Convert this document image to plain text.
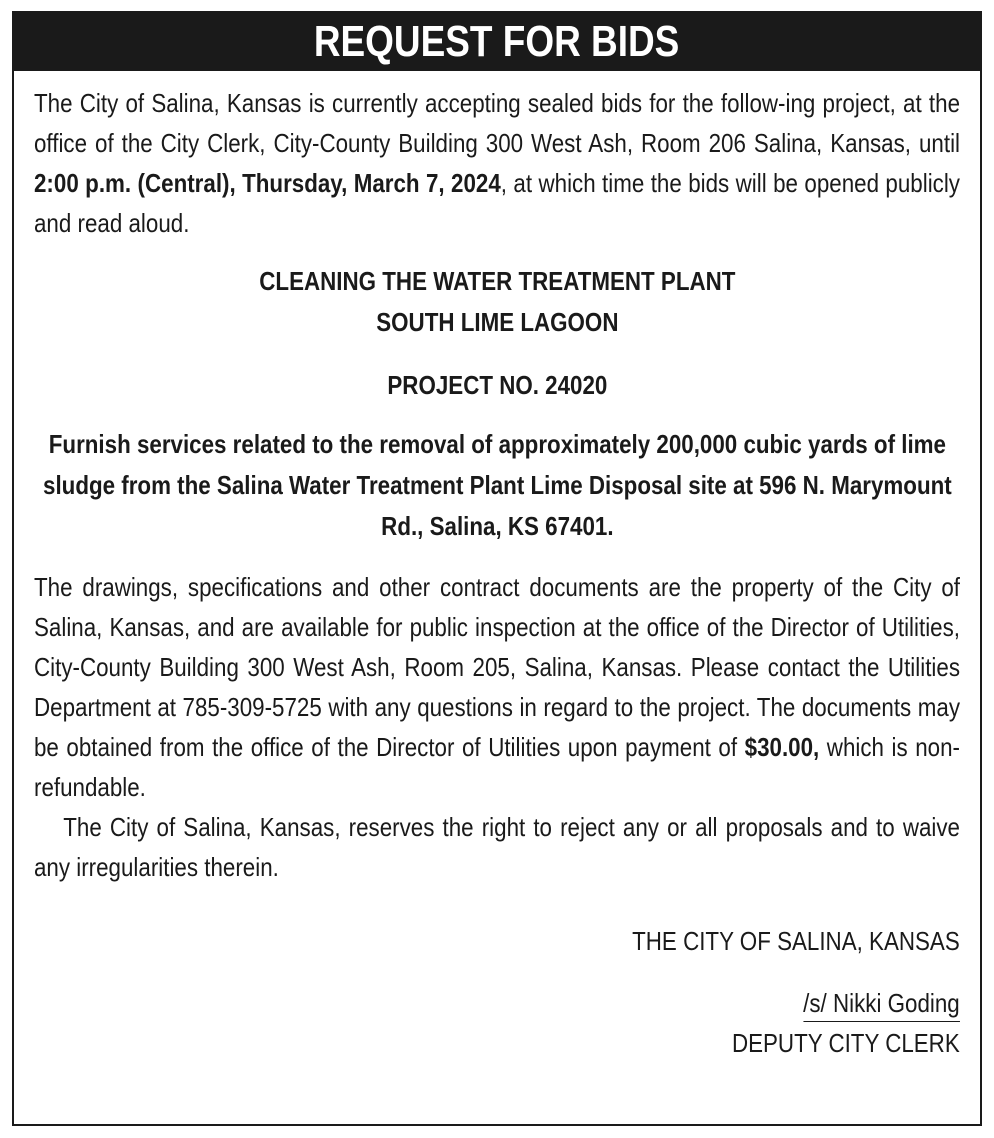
REQUEST FOR BIDS

The City of Salina, Kansas is currently accepting sealed bids for the follow-ing project, at the office of the City Clerk, City-County Building 300 West Ash, Room 206 Salina, Kansas, until 2:00 p.m. (Central), Thursday, March 7, 2024, at which time the bids will be opened publicly and read aloud.

CLEANING THE WATER TREATMENT PLANT
SOUTH LIME LAGOON
PROJECT NO. 24020
Furnish services related to the removal of approximately 200,000 cubic yards of lime sludge from the Salina Water Treatment Plant Lime Disposal site at 596 N. Marymount Rd., Salina, KS 67401.

The drawings, specifications and other contract documents are the property of the City of Salina, Kansas, and are available for public inspection at the office of the Director of Utilities, City-County Building 300 West Ash, Room 205, Salina, Kansas. Please contact the Utilities Department at 785-309-5725 with any questions in regard to the project. The documents may be obtained from the office of the Director of Utilities upon payment of $30.00, which is non-refundable.

The City of Salina, Kansas, reserves the right to reject any or all proposals and to waive any irregularities therein.

THE CITY OF SALINA, KANSAS
/s/ Nikki Goding
DEPUTY CITY CLERK
